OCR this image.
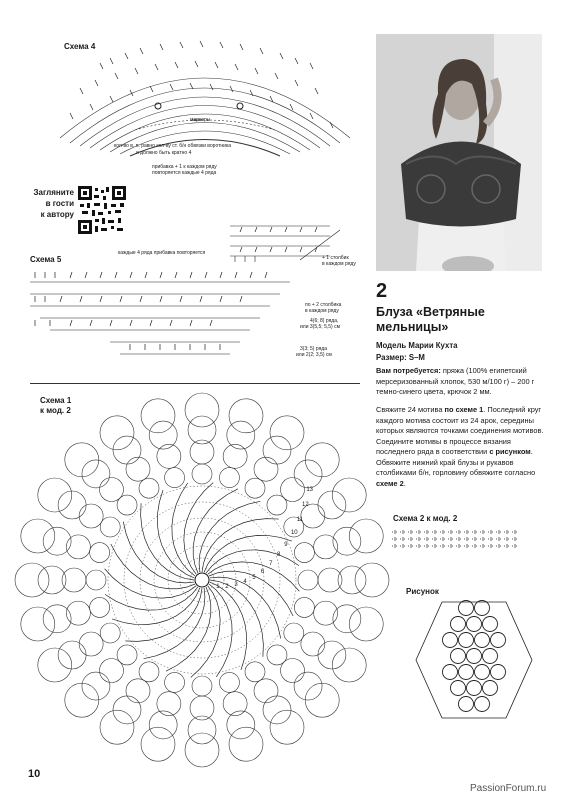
Схема 4
маркеры
кол-во в. п. равно кол-ву ст. б/н обвязки воротника
и должно быть кратно 4
прибавка + 1 к каждом ряду
повторяется каждые 4 ряда
Загляните
в гости
к автору
Схема 5
каждые 4 ряда прибавка повторяется
+ 1 столбик
в каждом ряду
по + 2 столбика
в каждом ряду
4(6; 8) ряда,
или 3(5,5; 5,5) см
3(3; 5) ряда
или 2(2; 3,5) см
2
Блуза «Ветряные
мельницы»
Модель Марии Кухта
Размер: S–M
Вам потребуется: пряжа (100% египетский мерсеризованный хлопок, 530 м/100 г) – 200 г темно-синего цвета, крючок 2 мм.
Свяжите 24 мотива по схеме 1. Последний круг каждого мотива состоит из 24 арок, середины которых являются точками соединения мотивов. Соедините мотивы в процессе вязания последнего ряда в соответствии с рисунком. Обвяжите нижний край блузы и рукавов столбиками б/н, горловину обвяжите согласно схеме 2.
Схема 1
к мод. 2
13
12
11
10
9
8
7
6
5
4
3
2
1
Схема 2 к мод. 2
Рисунок
10
PassionForum.ru
